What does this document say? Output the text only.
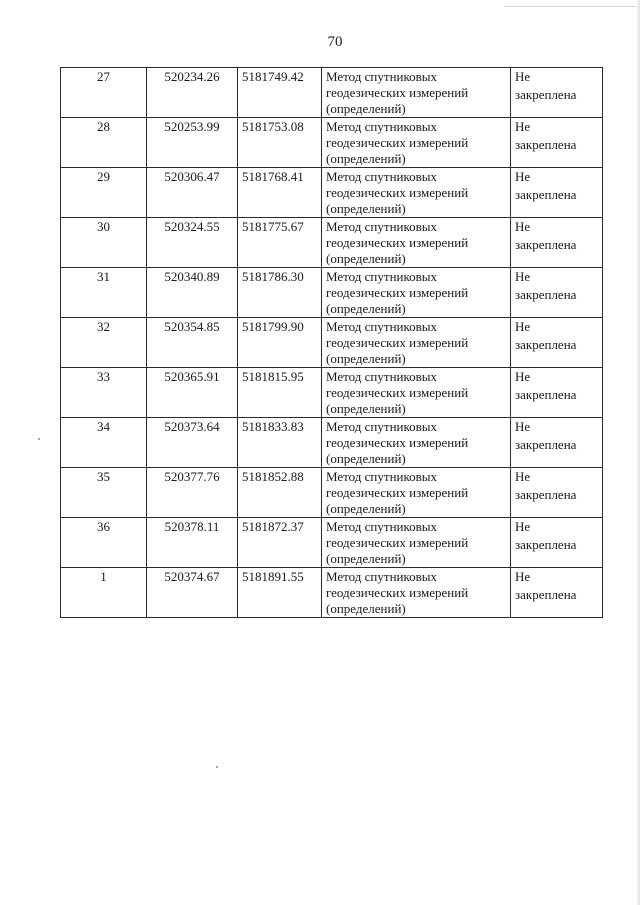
70
27	520234.26	5181749.42	Метод спутниковых
геодезических измерений
(определений)	Не
закреплена

28	520253.99	5181753.08	Метод спутниковых
геодезических измерений
(определений)	Не
закреплена

29	520306.47	5181768.41	Метод спутниковых
геодезических измерений
(определений)	Не
закреплена

30	520324.55	5181775.67	Метод спутниковых
геодезических измерений
(определений)	Не
закреплена

31	520340.89	5181786.30	Метод спутниковых
геодезических измерений
(определений)	Не
закреплена

32	520354.85	5181799.90	Метод спутниковых
геодезических измерений
(определений)	Не
закреплена

33	520365.91	5181815.95	Метод спутниковых
геодезических измерений
(определений)	Не
закреплена

34	520373.64	5181833.83	Метод спутниковых
геодезических измерений
(определений)	Не
закреплена

35	520377.76	5181852.88	Метод спутниковых
геодезических измерений
(определений)	Не
закреплена

36	520378.11	5181872.37	Метод спутниковых
геодезических измерений
(определений)	Не
закреплена

1	520374.67	5181891.55	Метод спутниковых
геодезических измерений
(определений)	Не
закреплена
